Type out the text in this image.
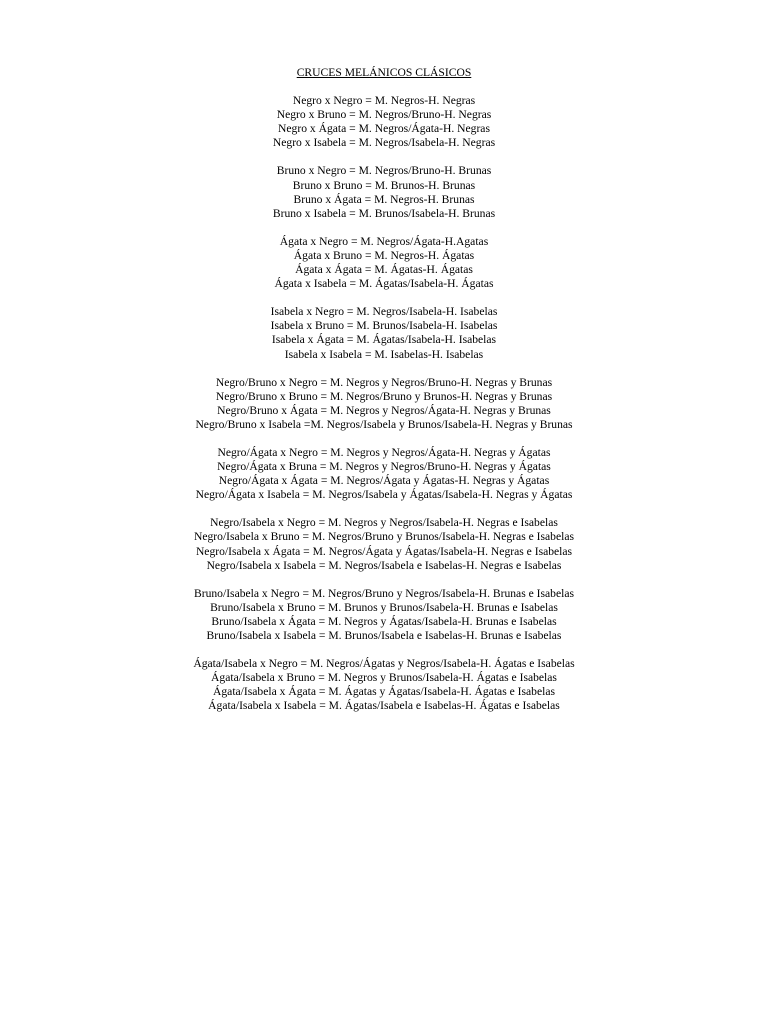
CRUCES MELÁNICOS CLÁSICOS
Negro x Negro = M. Negros-H. Negras
Negro x Bruno = M. Negros/Bruno-H. Negras
Negro x Ágata = M. Negros/Ágata-H. Negras
Negro x Isabela = M. Negros/Isabela-H. Negras
Bruno x Negro = M. Negros/Bruno-H. Brunas
Bruno x Bruno = M. Brunos-H. Brunas
Bruno x Ágata = M. Negros-H. Brunas
Bruno x Isabela = M. Brunos/Isabela-H. Brunas
Ágata x Negro = M. Negros/Ágata-H.Agatas
Ágata x Bruno = M. Negros-H. Ágatas
Ágata x Ágata = M. Ágatas-H. Ágatas
Ágata x Isabela = M. Ágatas/Isabela-H. Ágatas
Isabela x Negro = M. Negros/Isabela-H. Isabelas
Isabela x Bruno = M. Brunos/Isabela-H. Isabelas
Isabela x Ágata = M. Ágatas/Isabela-H. Isabelas
Isabela x Isabela = M. Isabelas-H. Isabelas
Negro/Bruno x Negro = M. Negros y Negros/Bruno-H. Negras y Brunas
Negro/Bruno x Bruno = M. Negros/Bruno y Brunos-H. Negras y Brunas
Negro/Bruno x Ágata = M. Negros y Negros/Ágata-H. Negras y Brunas
Negro/Bruno x Isabela =M. Negros/Isabela y Brunos/Isabela-H. Negras y Brunas
Negro/Ágata x Negro = M. Negros y Negros/Ágata-H. Negras y Ágatas
Negro/Ágata x Bruna = M. Negros y Negros/Bruno-H. Negras y Ágatas
Negro/Ágata x Ágata = M. Negros/Ágata y Ágatas-H. Negras y Ágatas
Negro/Ágata x Isabela = M. Negros/Isabela y Ágatas/Isabela-H. Negras y Ágatas
Negro/Isabela x Negro = M. Negros y Negros/Isabela-H. Negras e Isabelas
Negro/Isabela x Bruno = M. Negros/Bruno y Brunos/Isabela-H. Negras e Isabelas
Negro/Isabela x Ágata = M. Negros/Ágata y Ágatas/Isabela-H. Negras e Isabelas
Negro/Isabela x Isabela = M. Negros/Isabela e Isabelas-H. Negras e Isabelas
Bruno/Isabela x Negro = M. Negros/Bruno y Negros/Isabela-H. Brunas e Isabelas
Bruno/Isabela x Bruno = M. Brunos y Brunos/Isabela-H. Brunas e Isabelas
Bruno/Isabela x Ágata = M. Negros y Ágatas/Isabela-H. Brunas e Isabelas
Bruno/Isabela x Isabela = M. Brunos/Isabela e Isabelas-H. Brunas e Isabelas
Ágata/Isabela x Negro = M. Negros/Ágatas y Negros/Isabela-H. Ágatas e Isabelas
Ágata/Isabela x Bruno = M. Negros y Brunos/Isabela-H. Ágatas e Isabelas
Ágata/Isabela x Ágata = M. Ágatas y Ágatas/Isabela-H. Ágatas e Isabelas
Ágata/Isabela x Isabela = M. Ágatas/Isabela e Isabelas-H. Ágatas e Isabelas
